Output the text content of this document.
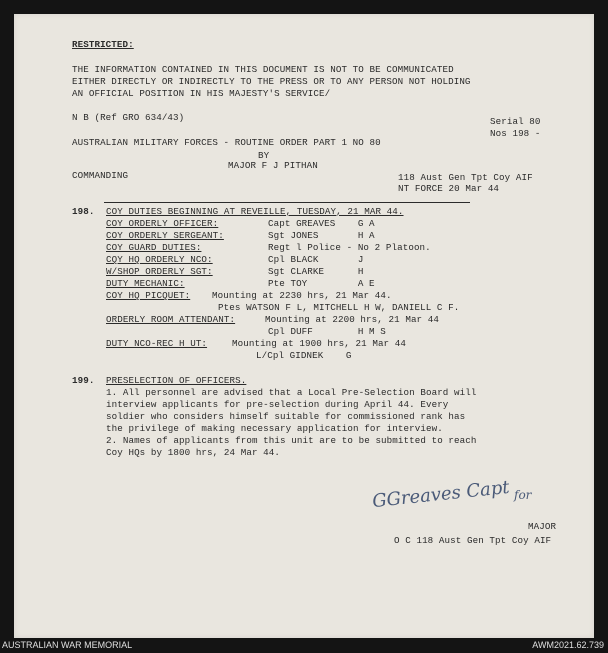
RESTRICTED:
THE INFORMATION CONTAINED IN THIS DOCUMENT IS NOT TO BE COMMUNICATED
EITHER DIRECTLY OR INDIRECTLY TO THE PRESS OR TO ANY PERSON NOT HOLDING
AN OFFICIAL POSITION IN HIS MAJESTY'S SERVICE/
N B (Ref GRO 634/43)	Serial 80
Nos 198 -
AUSTRALIAN MILITARY FORCES - ROUTINE ORDER PART 1 NO 80
BY
MAJOR F J PITHAN
COMMANDING	118 Aust Gen Tpt Coy AIF
NT FORCE 20 Mar 44
198. COY DUTIES BEGINNING AT REVEILLE, TUESDAY, 21 MAR 44.
COY ORDERLY OFFICER:	Capt GREAVES    G A
COY ORDERLY SERGEANT:	Sgt JONES       H A
COY GUARD DUTIES:	Regt l Police - No 2 Platoon.
CQY HQ ORDERLY NCO:	Cpl BLACK       J
W/SHOP ORDERLY SGT:	Sgt CLARKE      H
DUTY MECHANIC:	Pte TOY         A E
COY HQ PICQUET: Mounting at 2230 hrs, 21 Mar 44.
Ptes WATSON F L, MITCHELL H W, DANIELL C F.
ORDERLY ROOM ATTENDANT:	Mounting at 2200 hrs, 21 Mar 44
Cpl DUFF        H M S
DUTY NCO-REC H UT:	Mounting at 1900 hrs, 21 Mar 44
L/Cpl GIDNEK    G
199. PRESELECTION OF OFFICERS.
1. All personnel are advised that a Local Pre-Selection Board will
interview applicants for pre-selection during April 44. Every
soldier who considers himself suitable for commissioned rank has
the privilege of making necessary application for interview.
2. Names of applicants from this unit are to be submitted to reach
Coy HQs by 1800 hrs, 24 Mar 44.
GGreaves Capt for
MAJOR
O C 118 Aust Gen Tpt Coy AIF
AUSTRALIAN WAR MEMORIAL	AWM2021.62.739
